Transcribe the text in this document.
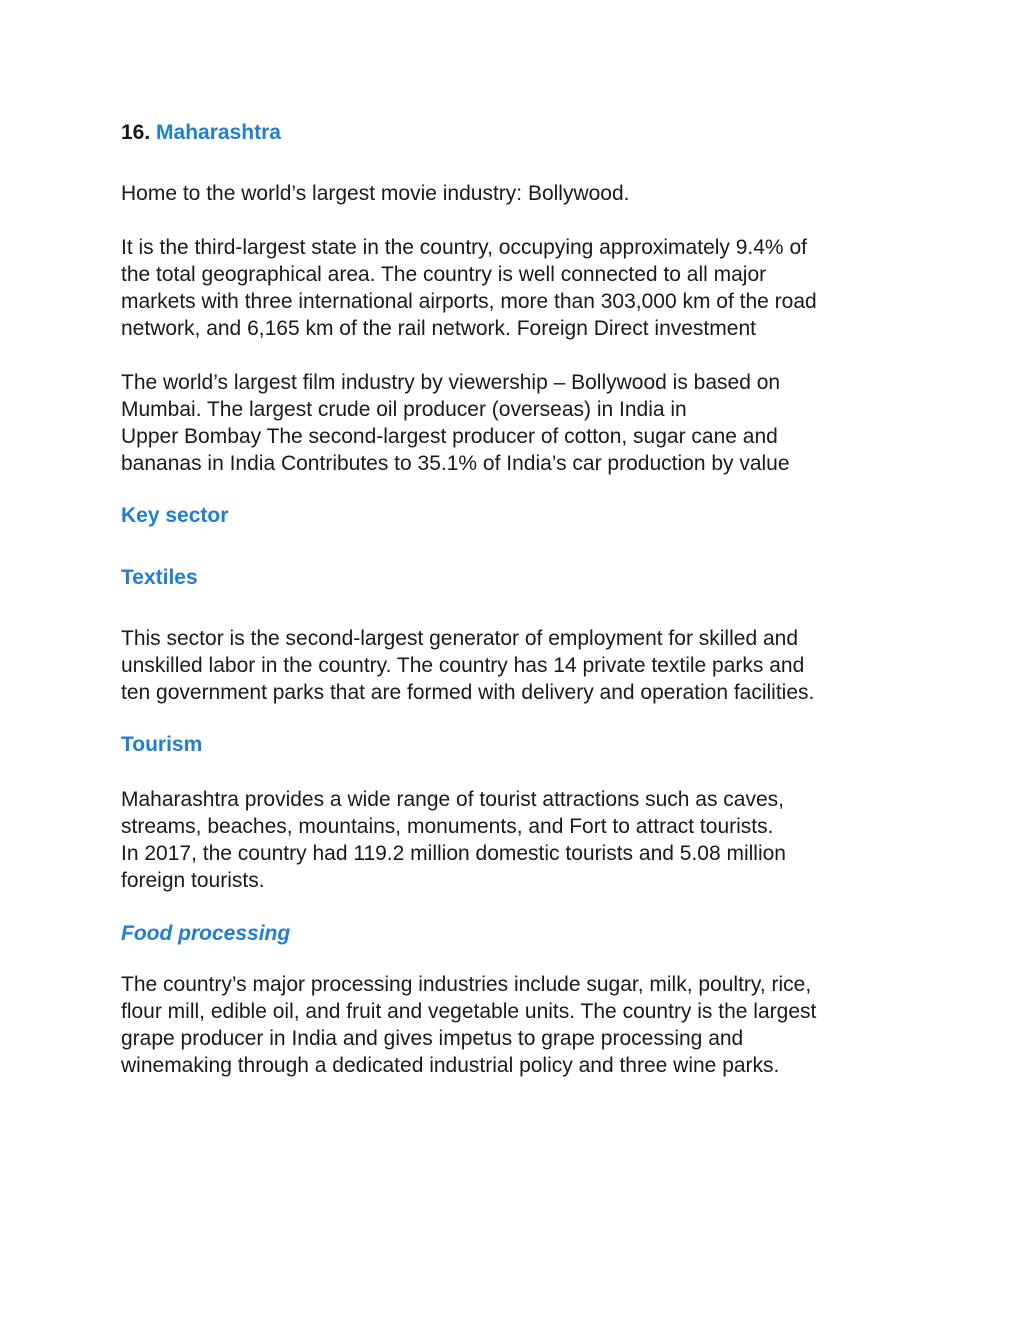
16. Maharashtra

Home to the world’s largest movie industry: Bollywood.

It is the third-largest state in the country, occupying approximately 9.4% of
the total geographical area. The country is well connected to all major
markets with three international airports, more than 303,000 km of the road
network, and 6,165 km of the rail network. Foreign Direct investment

The world’s largest film industry by viewership – Bollywood is based on
Mumbai. The largest crude oil producer (overseas) in India in
Upper Bombay The second-largest producer of cotton, sugar cane and
bananas in India Contributes to 35.1% of India’s car production by value

Key sector
Textiles

This sector is the second-largest generator of employment for skilled and
unskilled labor in the country. The country has 14 private textile parks and
ten government parks that are formed with delivery and operation facilities.

Tourism

Maharashtra provides a wide range of tourist attractions such as caves,
streams, beaches, mountains, monuments, and Fort to attract tourists.
In 2017, the country had 119.2 million domestic tourists and 5.08 million
foreign tourists.

Food processing

The country’s major processing industries include sugar, milk, poultry, rice,
flour mill, edible oil, and fruit and vegetable units. The country is the largest
grape producer in India and gives impetus to grape processing and
winemaking through a dedicated industrial policy and three wine parks.
